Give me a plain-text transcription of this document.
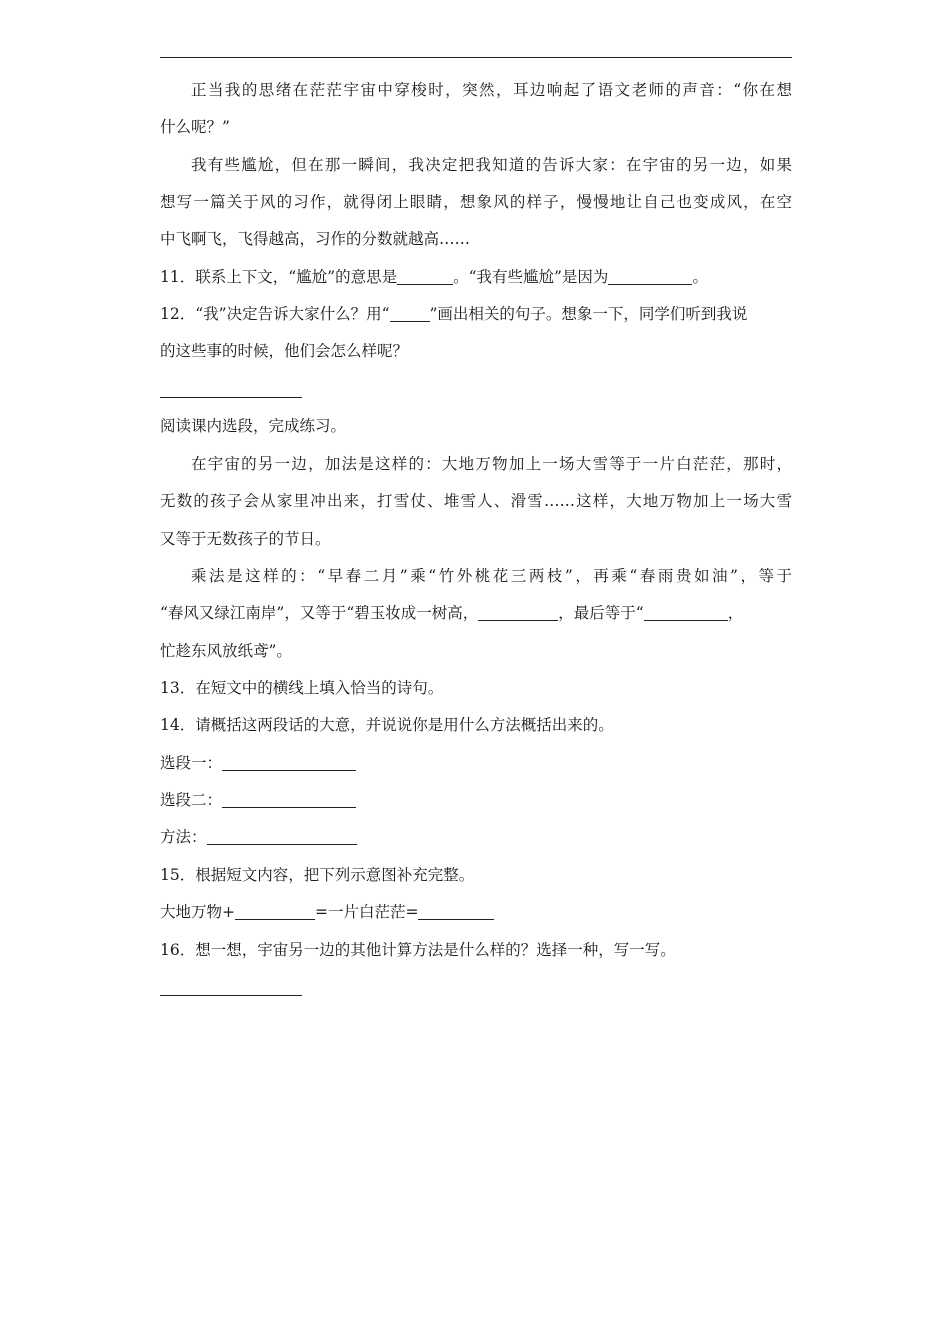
正当我的思绪在茫茫宇宙中穿梭时，突然，耳边响起了语文老师的声音：“你在想
什么呢？”
我有些尴尬，但在那一瞬间，我决定把我知道的告诉大家：在宇宙的另一边，如果
想写一篇关于风的习作，就得闭上眼睛，想象风的样子，慢慢地让自己也变成风，在空
中飞啊飞，飞得越高，习作的分数就越高……
11．联系上下文，“尴尬”的意思是	。“我有些尴尬”是因为	。
12．“我”决定告诉大家什么？用“	”画出相关的句子。想象一下，同学们听到我说
的这些事的时候，他们会怎么样呢？
阅读课内选段，完成练习。
在宇宙的另一边，加法是这样的：大地万物加上一场大雪等于一片白茫茫，那时，
无数的孩子会从家里冲出来，打雪仗、堆雪人、滑雪……这样，大地万物加上一场大雪
又等于无数孩子的节日。
乘法是这样的：“早春二月”乘“竹外桃花三两枝”，再乘“春雨贵如油”，等于
“春风又绿江南岸”，又等于“碧玉妆成一树高，	，最后等于“	，
忙趁东风放纸鸢”。
13．在短文中的横线上填入恰当的诗句。
14．请概括这两段话的大意，并说说你是用什么方法概括出来的。
选段一：
选段二：
方法：
15．根据短文内容，把下列示意图补充完整。
大地万物+	=一片白茫茫=
16．想一想，宇宙另一边的其他计算方法是什么样的？选择一种，写一写。
